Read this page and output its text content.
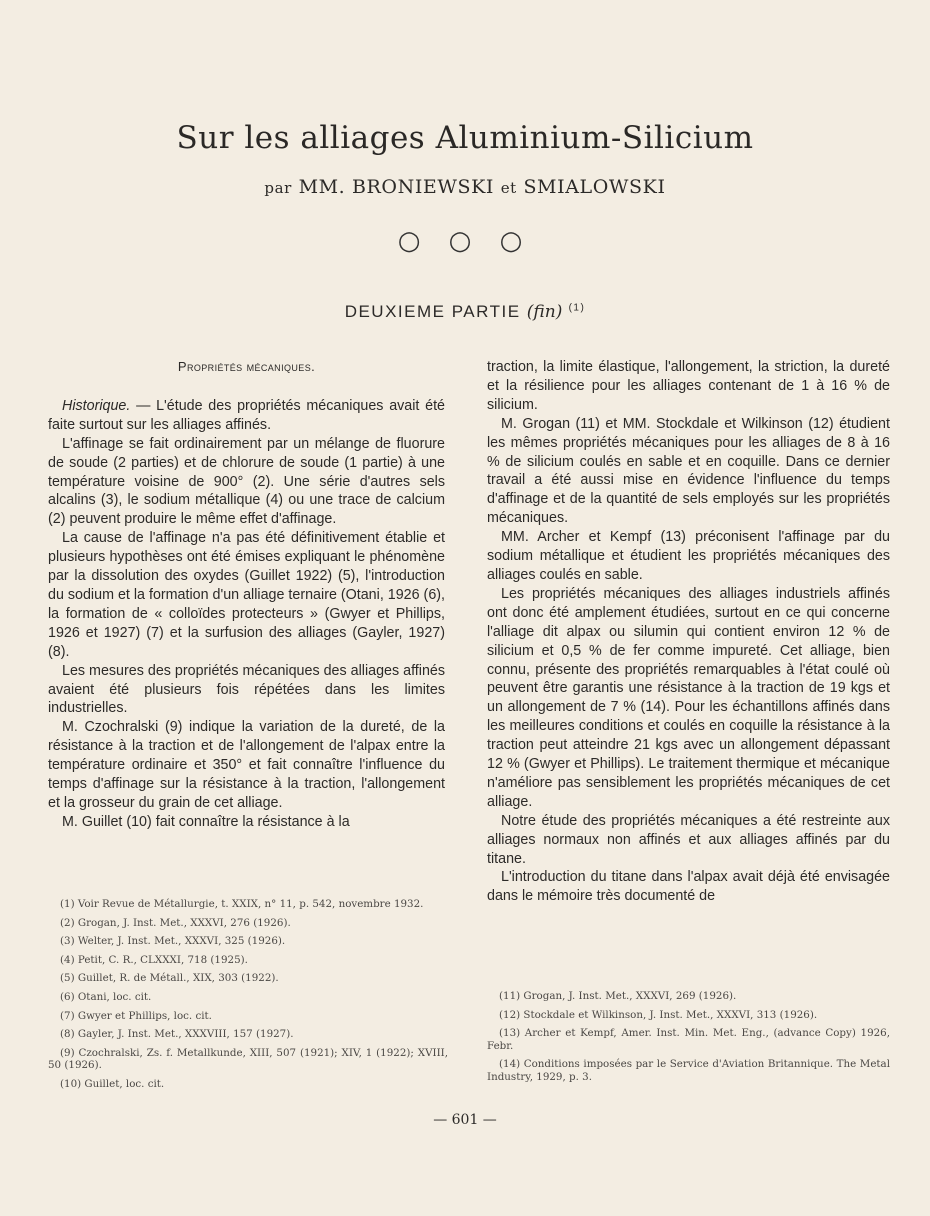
Sur les alliages Aluminium-Silicium
par MM. BRONIEWSKI et SMIALOWSKI
○ ○ ○
DEUXIEME PARTIE (fin) $^{(1)}$
Propriétés mécaniques.

Historique. — L'étude des propriétés mécaniques avait été faite surtout sur les alliages affinés.

L'affinage se fait ordinairement par un mélange de fluorure de soude (2 parties) et de chlorure de soude (1 partie) à une température voisine de 900° (2). Une série d'autres sels alcalins (3), le sodium métallique (4) ou une trace de calcium (2) peuvent produire le même effet d'affinage.

La cause de l'affinage n'a pas été définitivement établie et plusieurs hypothèses ont été émises expliquant le phénomène par la dissolution des oxydes (Guillet 1922) (5), l'introduction du sodium et la formation d'un alliage ternaire (Otani, 1926 (6), la formation de « colloïdes protecteurs » (Gwyer et Phillips, 1926 et 1927) (7) et la surfusion des alliages (Gayler, 1927) (8).

Les mesures des propriétés mécaniques des alliages affinés avaient été plusieurs fois répétées dans les limites industrielles.

M. Czochralski (9) indique la variation de la dureté, de la résistance à la traction et de l'allongement de l'alpax entre la température ordinaire et 350° et fait connaître l'influence du temps d'affinage sur la résistance à la traction, l'allongement et la grosseur du grain de cet alliage.

M. Guillet (10) fait connaître la résistance à la

traction, la limite élastique, l'allongement, la striction, la dureté et la résilience pour les alliages contenant de 1 à 16 % de silicium.

M. Grogan (11) et MM. Stockdale et Wilkinson (12) étudient les mêmes propriétés mécaniques pour les alliages de 8 à 16 % de silicium coulés en sable et en coquille. Dans ce dernier travail a été aussi mise en évidence l'influence du temps d'affinage et de la quantité de sels employés sur les propriétés mécaniques.

MM. Archer et Kempf (13) préconisent l'affinage par du sodium métallique et étudient les propriétés mécaniques des alliages coulés en sable.

Les propriétés mécaniques des alliages industriels affinés ont donc été amplement étudiées, surtout en ce qui concerne l'alliage dit alpax ou silumin qui contient environ 12 % de silicium et 0,5 % de fer comme impureté. Cet alliage, bien connu, présente des propriétés remarquables à l'état coulé où peuvent être garantis une résistance à la traction de 19 kgs et un allongement de 7 % (14). Pour les échantillons affinés dans les meilleures conditions et coulés en coquille la résistance à la traction peut atteindre 21 kgs avec un allongement dépassant 12 % (Gwyer et Phillips). Le traitement thermique et mécanique n'améliore pas sensiblement les propriétés mécaniques de cet alliage.

Notre étude des propriétés mécaniques a été restreinte aux alliages normaux non affinés et aux alliages affinés par du titane.

L'introduction du titane dans l'alpax avait déjà été envisagée dans le mémoire très documenté de

(1) Voir Revue de Métallurgie, t. XXIX, n° 11, p. 542, novembre 1932.
(2) Grogan, J. Inst. Met., XXXVI, 276 (1926).
(3) Welter, J. Inst. Met., XXXVI, 325 (1926).
(4) Petit, C. R., CLXXXI, 718 (1925).
(5) Guillet, R. de Métall., XIX, 303 (1922).
(6) Otani, loc. cit.
(7) Gwyer et Phillips, loc. cit.
(8) Gayler, J. Inst. Met., XXXVIII, 157 (1927).
(9) Czochralski, Zs. f. Metallkunde, XIII, 507 (1921); XIV, 1 (1922); XVIII, 50 (1926).
(10) Guillet, loc. cit.
(11) Grogan, J. Inst. Met., XXXVI, 269 (1926).
(12) Stockdale et Wilkinson, J. Inst. Met., XXXVI, 313 (1926).
(13) Archer et Kempf, Amer. Inst. Min. Met. Eng., (advance Copy) 1926, Febr.
(14) Conditions imposées par le Service d'Aviation Britannique. The Metal Industry, 1929, p. 3.
— 601 —
